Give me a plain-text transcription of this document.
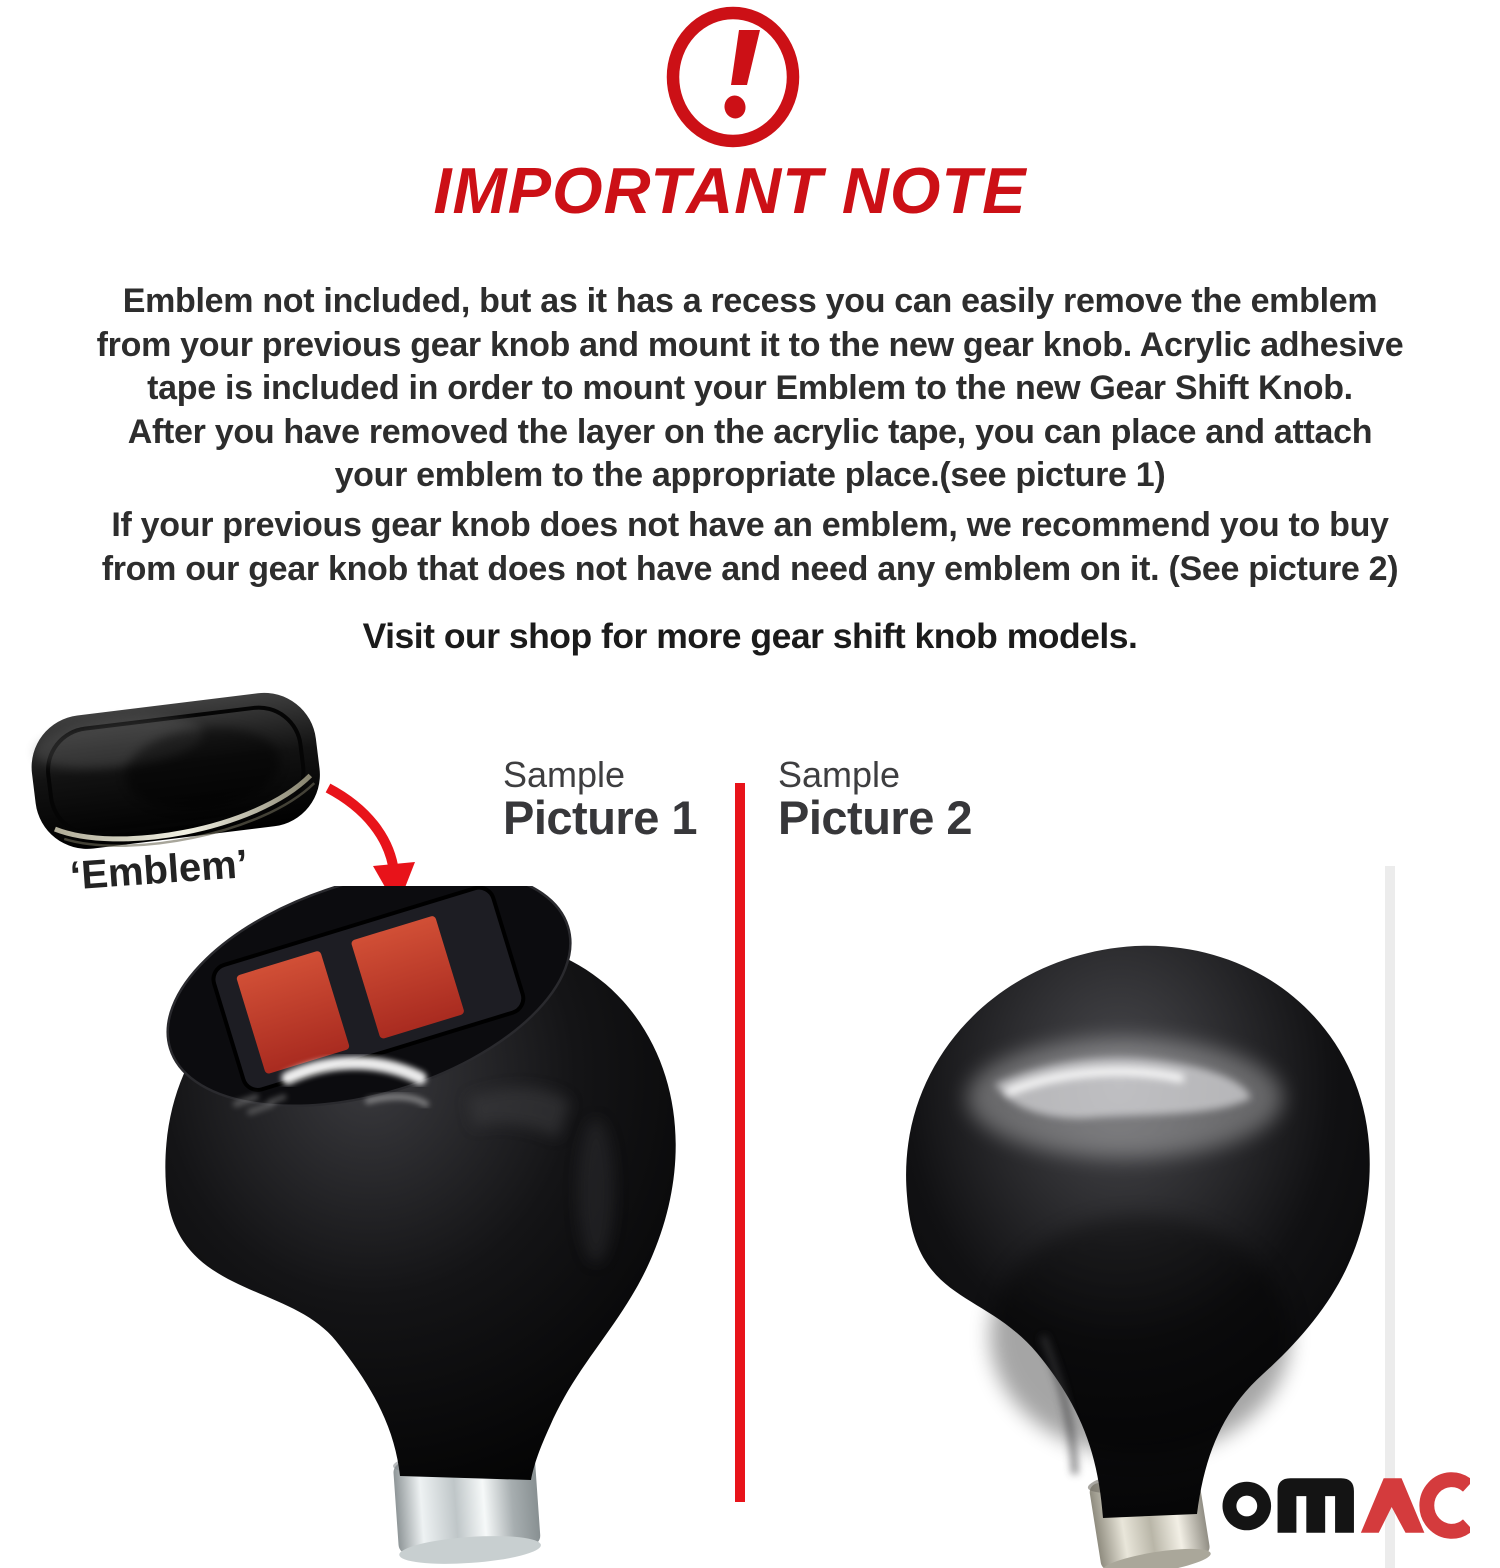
IMPORTANT NOTE
Emblem not included, but as it has a recess you can easily remove the emblem
from your previous gear knob and mount it to the new gear knob. Acrylic adhesive
tape is included in order to mount your Emblem to the new Gear Shift Knob.
After you have removed the layer on the acrylic tape, you can place and attach
your emblem to the appropriate place.(see picture 1)
If your previous gear knob does not have an emblem, we recommend you to buy
from our gear knob that does not have and need any emblem on it. (See picture 2)
Visit our shop for more gear shift knob models.
‘Emblem’
Sample
Picture 1
Sample
Picture 2
